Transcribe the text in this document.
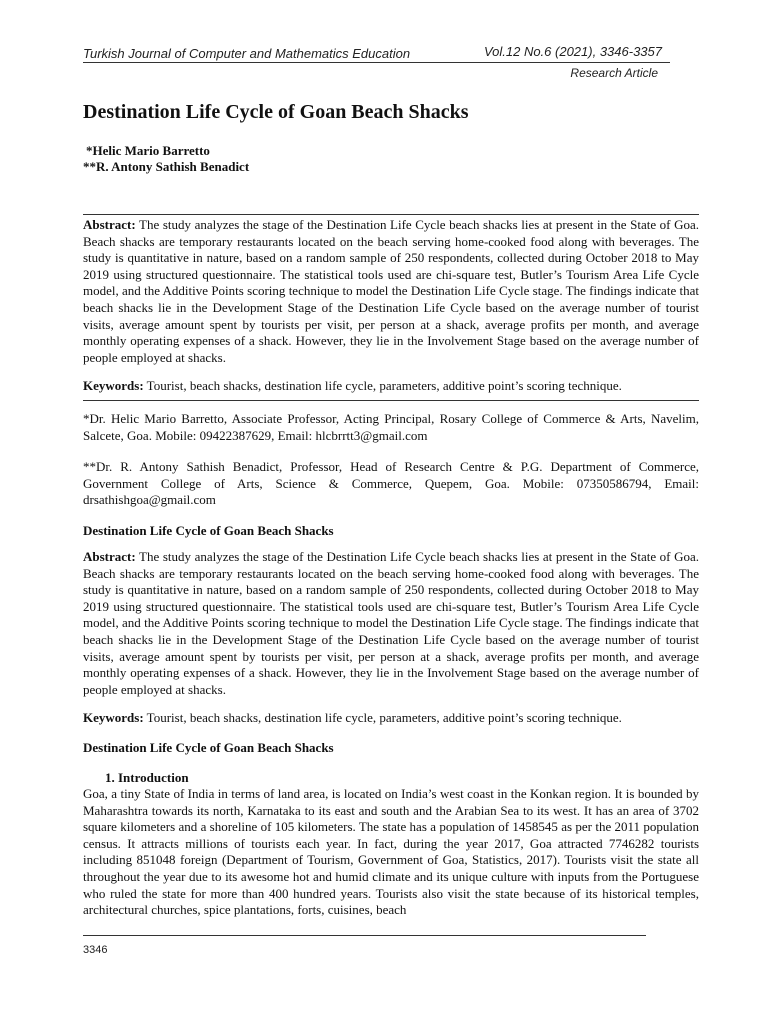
Turkish Journal of Computer and Mathematics Education	Vol.12 No.6 (2021), 3346-3357
Research Article
Destination Life Cycle of Goan Beach Shacks
*Helic Mario Barretto
**R. Antony Sathish Benadict
Abstract: The study analyzes the stage of the Destination Life Cycle beach shacks lies at present in the State of Goa. Beach shacks are temporary restaurants located on the beach serving home-cooked food along with beverages. The study is quantitative in nature, based on a random sample of 250 respondents, collected during October 2018 to May 2019 using structured questionnaire. The statistical tools used are chi-square test, Butler’s Tourism Area Life Cycle model, and the Additive Points scoring technique to model the Destination Life Cycle stage. The findings indicate that beach shacks lie in the Development Stage of the Destination Life Cycle based on the average number of tourist visits, average amount spent by tourists per visit, per person at a shack, average profits per month, and average monthly operating expenses of a shack. However, they lie in the Involvement Stage based on the average number of people employed at shacks.
Keywords: Tourist, beach shacks, destination life cycle, parameters, additive point’s scoring technique.
*Dr. Helic Mario Barretto, Associate Professor, Acting Principal, Rosary College of Commerce & Arts, Navelim, Salcete, Goa. Mobile: 09422387629, Email: hlcbrrtt3@gmail.com
**Dr. R. Antony Sathish Benadict, Professor, Head of Research Centre & P.G. Department of Commerce, Government College of Arts, Science & Commerce, Quepem, Goa. Mobile: 07350586794, Email: drsathishgoa@gmail.com
Destination Life Cycle of Goan Beach Shacks
Abstract: The study analyzes the stage of the Destination Life Cycle beach shacks lies at present in the State of Goa. Beach shacks are temporary restaurants located on the beach serving home-cooked food along with beverages. The study is quantitative in nature, based on a random sample of 250 respondents, collected during October 2018 to May 2019 using structured questionnaire. The statistical tools used are chi-square test, Butler’s Tourism Area Life Cycle model, and the Additive Points scoring technique to model the Destination Life Cycle stage. The findings indicate that beach shacks lie in the Development Stage of the Destination Life Cycle based on the average number of tourist visits, average amount spent by tourists per visit, per person at a shack, average profits per month, and average monthly operating expenses of a shack. However, they lie in the Involvement Stage based on the average number of people employed at shacks.
Keywords: Tourist, beach shacks, destination life cycle, parameters, additive point’s scoring technique.
Destination Life Cycle of Goan Beach Shacks
1. Introduction
Goa, a tiny State of India in terms of land area, is located on India’s west coast in the Konkan region. It is bounded by Maharashtra towards its north, Karnataka to its east and south and the Arabian Sea to its west. It has an area of 3702 square kilometers and a shoreline of 105 kilometers. The state has a population of 1458545 as per the 2011 population census. It attracts millions of tourists each year. In fact, during the year 2017, Goa attracted 7746282 tourists including 851048 foreign (Department of Tourism, Government of Goa, Statistics, 2017). Tourists visit the state all throughout the year due to its awesome hot and humid climate and its unique culture with inputs from the Portuguese who ruled the state for more than 400 hundred years. Tourists also visit the state because of its historical temples, architectural churches, spice plantations, forts, cuisines, beach
3346
